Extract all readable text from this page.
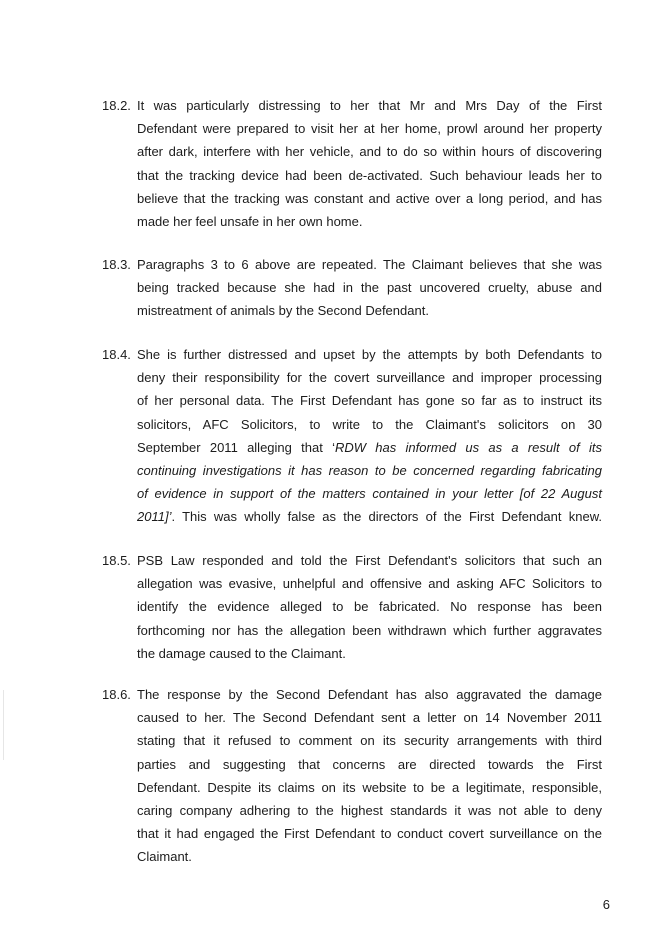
18.2. It was particularly distressing to her that Mr and Mrs Day of the First
Defendant were prepared to visit her at her home, prowl around her property
after dark, interfere with her vehicle, and to do so within hours of discovering
that the tracking device had been de-activated. Such behaviour leads her to
believe that the tracking was constant and active over a long period, and has
made her feel unsafe in her own home.
18.3. Paragraphs 3 to 6 above are repeated. The Claimant believes that she was
being tracked because she had in the past uncovered cruelty, abuse and
mistreatment of animals by the Second Defendant.
18.4. She is further distressed and upset by the attempts by both Defendants to
deny their responsibility for the covert surveillance and improper processing
of her personal data. The First Defendant has gone so far as to instruct its
solicitors, AFC Solicitors, to write to the Claimant's solicitors on 30
September 2011 alleging that ‘RDW has informed us as a result of its
continuing investigations it has reason to be concerned regarding fabricating
of evidence in support of the matters contained in your letter [of 22 August
2011]’. This was wholly false as the directors of the First Defendant knew.
18.5. PSB Law responded and told the First Defendant's solicitors that such an
allegation was evasive, unhelpful and offensive and asking AFC Solicitors to
identify the evidence alleged to be fabricated. No response has been
forthcoming nor has the allegation been withdrawn which further aggravates
the damage caused to the Claimant.
18.6. The response by the Second Defendant has also aggravated the damage
caused to her. The Second Defendant sent a letter on 14 November 2011
stating that it refused to comment on its security arrangements with third
parties and suggesting that concerns are directed towards the First
Defendant. Despite its claims on its website to be a legitimate, responsible,
caring company adhering to the highest standards it was not able to deny
that it had engaged the First Defendant to conduct covert surveillance on the
Claimant.
6
